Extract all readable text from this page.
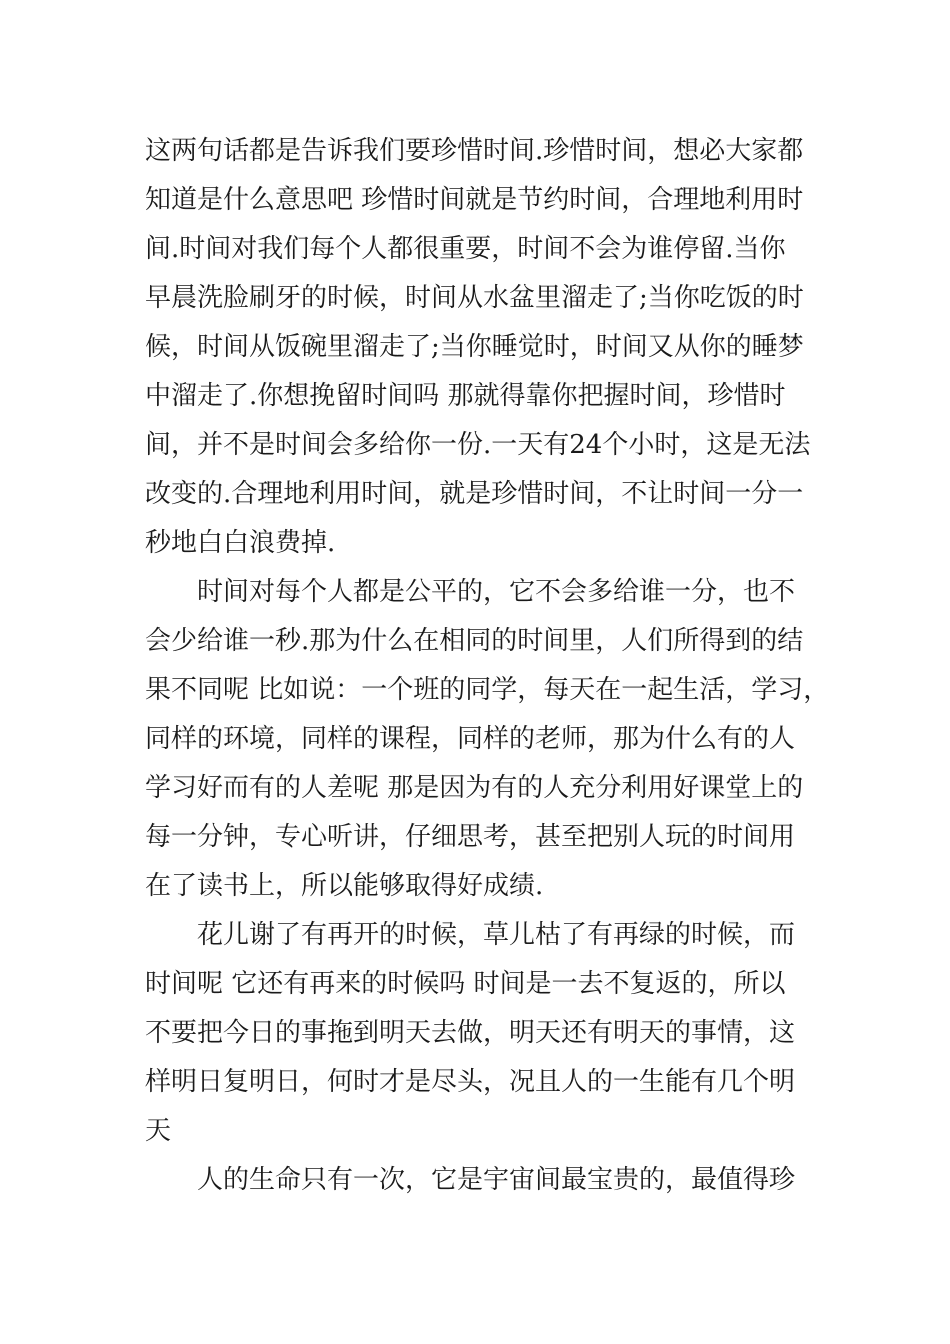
这两句话都是告诉我们要珍惜时间.珍惜时间，想必大家都
知道是什么意思吧 珍惜时间就是节约时间，合理地利用时
间.时间对我们每个人都很重要，时间不会为谁停留.当你
早晨洗脸刷牙的时候，时间从水盆里溜走了;当你吃饭的时
候，时间从饭碗里溜走了;当你睡觉时，时间又从你的睡梦
中溜走了.你想挽留时间吗 那就得靠你把握时间，珍惜时
间，并不是时间会多给你一份.一天有24个小时，这是无法
改变的.合理地利用时间，就是珍惜时间，不让时间一分一
秒地白白浪费掉.
时间对每个人都是公平的，它不会多给谁一分，也不
会少给谁一秒.那为什么在相同的时间里，人们所得到的结
果不同呢 比如说：一个班的同学，每天在一起生活，学习，
同样的环境，同样的课程，同样的老师，那为什么有的人
学习好而有的人差呢 那是因为有的人充分利用好课堂上的
每一分钟，专心听讲，仔细思考，甚至把别人玩的时间用
在了读书上，所以能够取得好成绩.
花儿谢了有再开的时候，草儿枯了有再绿的时候，而
时间呢 它还有再来的时候吗 时间是一去不复返的，所以
不要把今日的事拖到明天去做，明天还有明天的事情，这
样明日复明日，何时才是尽头，况且人的一生能有几个明
天
人的生命只有一次，它是宇宙间最宝贵的，最值得珍
